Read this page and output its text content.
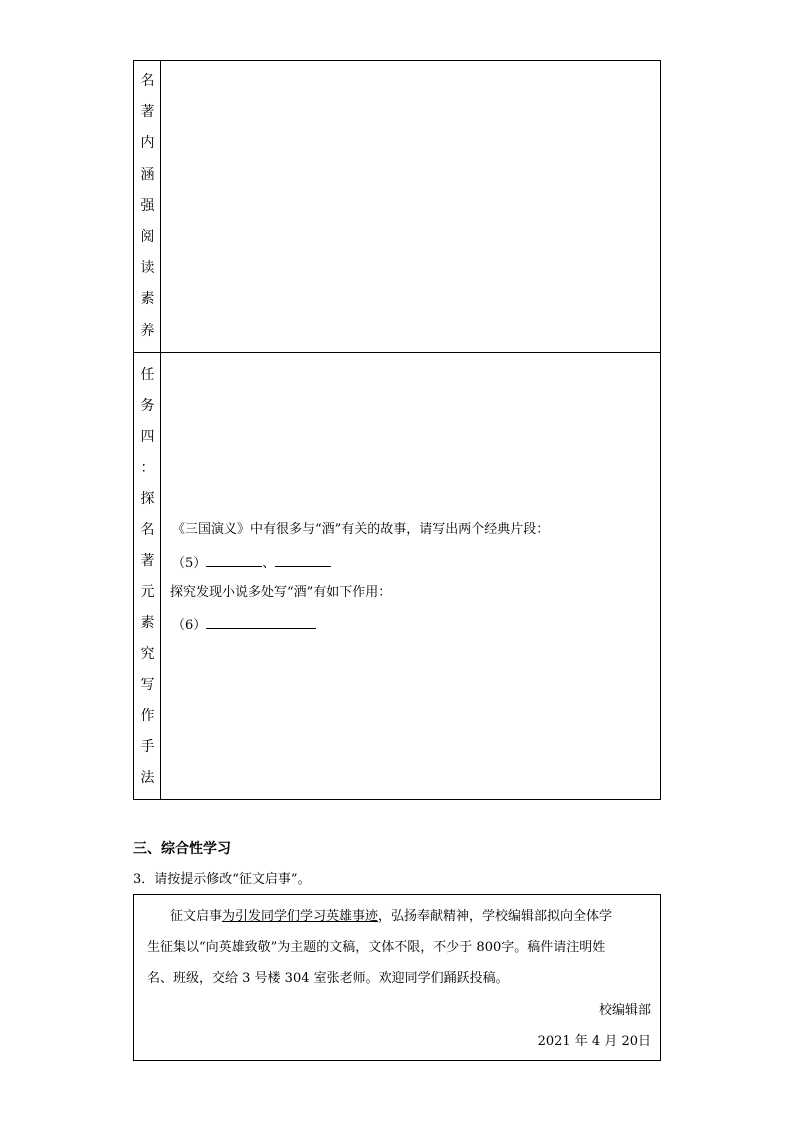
名
著
内
涵
强
阅
读
素
养
任
务
四
：
探
名
著
元
素
究
写
作
手
法
《三国演义》中有很多与“酒”有关的故事，请写出两个经典片段：
（5）	、
探究发现小说多处写“酒”有如下作用：
（6）
三、综合性学习
3．请按提示修改“征文启事”。
征文启事为引发同学们学习英雄事迹，弘扬奉献精神，学校编辑部拟向全体学
生征集以“向英雄致敬”为主题的文稿，文体不限，不少于 800字。稿件请注明姓
名、班级，交给 3 号楼 304 室张老师。欢迎同学们踊跃投稿。
校编辑部
2021 年 4 月 20日
